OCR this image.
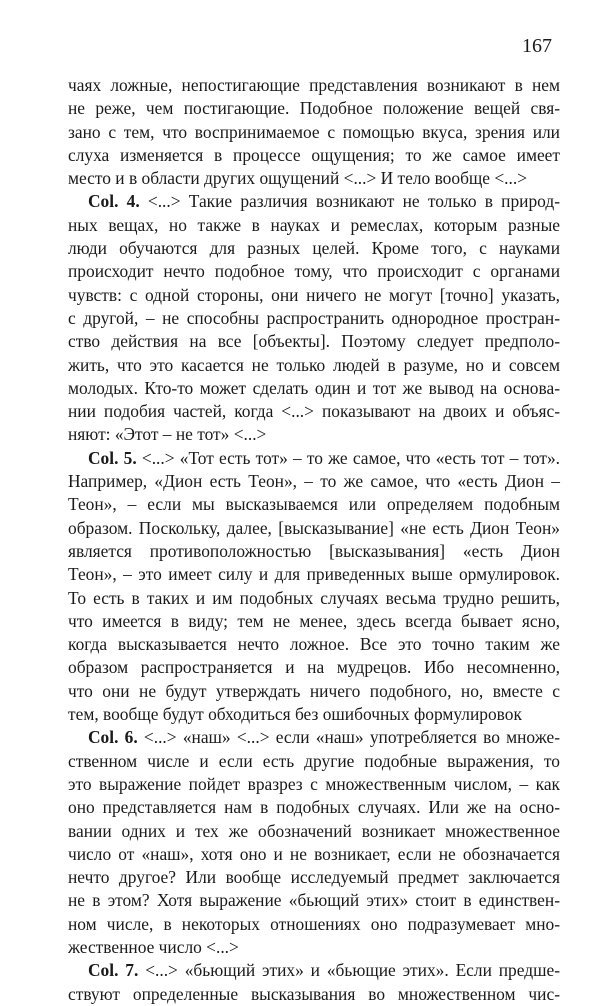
167
чаях ложные, непостигающие представления возникают в нем
не реже, чем постигающие. Подобное положение вещей свя-
зано с тем, что воспринимаемое с помощью вкуса, зрения или
слуха изменяется в процессе ощущения; то же самое имеет
место и в области других ощущений <...> И тело вообще <...>
Col. 4. <...> Такие различия возникают не только в природ-
ных вещах, но также в науках и ремеслах, которым разные
люди обучаются для разных целей. Кроме того, с науками
происходит нечто подобное тому, что происходит с органами
чувств: с одной стороны, они ничего не могут [точно] указать,
с другой, – не способны распространить однородное простран-
ство действия на все [объекты]. Поэтому следует предполо-
жить, что это касается не только людей в разуме, но и совсем
молодых. Кто-то может сделать один и тот же вывод на основа-
нии подобия частей, когда <...> показывают на двоих и объяс-
няют: «Этот – не тот» <...>
Col. 5. <...> «Тот есть тот» – то же самое, что «есть тот – тот».
Например, «Дион есть Теон», – то же самое, что «есть Дион –
Теон», – если мы высказываемся или определяем подобным
образом. Поскольку, далее, [высказывание] «не есть Дион Теон»
является противоположностью [высказывания] «есть Дион
Теон», – это имеет силу и для приведенных выше ормулировок.
То есть в таких и им подобных случаях весьма трудно решить,
что имеется в виду; тем не менее, здесь всегда бывает ясно,
когда высказывается нечто ложное. Все это точно таким же
образом распространяется и на мудрецов. Ибо несомненно,
что они не будут утверждать ничего подобного, но, вместе с
тем, вообще будут обходиться без ошибочных формулировок
Col. 6. <...> «наш» <...> если «наш» употребляется во множе-
ственном числе и если есть другие подобные выражения, то
это выражение пойдет вразрез с множественным числом, – как
оно представляется нам в подобных случаях. Или же на осно-
вании одних и тех же обозначений возникает множественное
число от «наш», хотя оно и не возникает, если не обозначается
нечто другое? Или вообще исследуемый предмет заключается
не в этом? Хотя выражение «бьющий этих» стоит в единствен-
ном числе, в некоторых отношениях оно подразумевает мно-
жественное число <...>
Col. 7. <...> «бьющий этих» и «бьющие этих». Если предше-
ствуют определенные высказывания во множественном чис-
